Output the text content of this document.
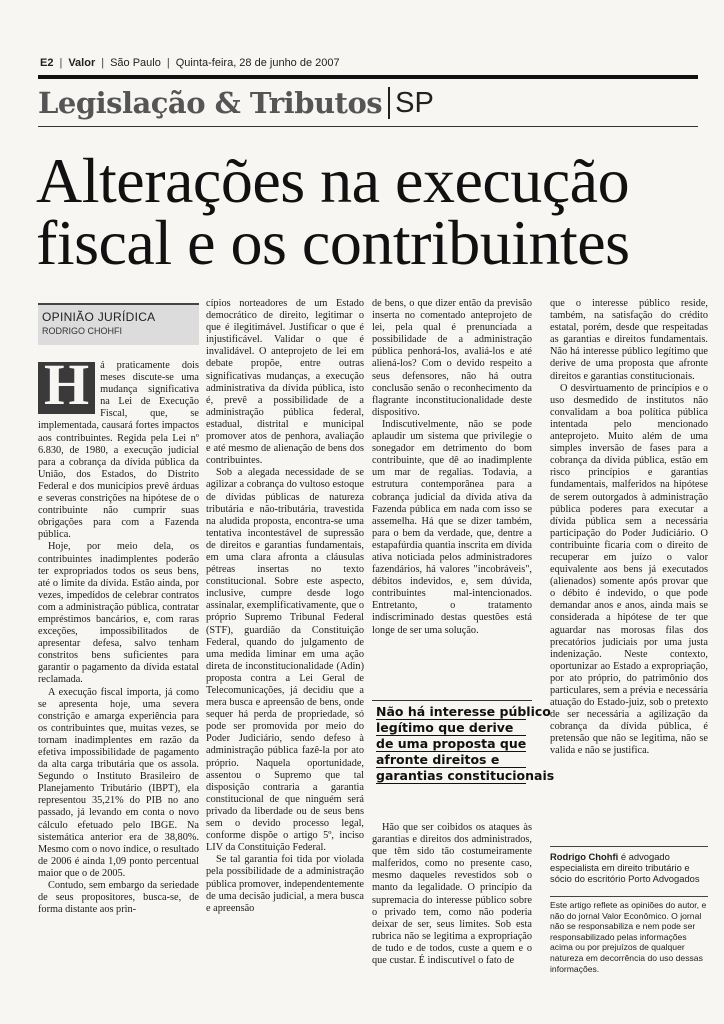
E2 | Valor | São Paulo | Quinta-feira, 28 de junho de 2007
Legislação & Tributos SP
Alterações na execução
fiscal e os contribuintes
OPINIÃO JURÍDICA
RODRIGO CHOHFI
H	á praticamente dois meses discute-se uma mudança significativa na Lei de Execução Fiscal, que, se implementada, causará fortes impactos aos contribuintes. Regida pela Lei nº 6.830, de 1980, a execução judicial para a cobrança da dívida pública da União, dos Estados, do Distrito Federal e dos municípios prevê árduas e severas constrições na hipótese de o contribuinte não cumprir suas obrigações para com a Fazenda pública.

Hoje, por meio dela, os contribuintes inadimplentes poderão ter expropriados todos os seus bens, até o limite da dívida. Estão ainda, por vezes, impedidos de celebrar contratos com a administração pública, contratar empréstimos bancários, e, com raras exceções, impossibilitados de apresentar defesa, salvo tenham constritos bens suficientes para garantir o pagamento da dívida estatal reclamada.

A execução fiscal importa, já como se apresenta hoje, uma severa constrição e amarga experiência para os contribuintes que, muitas vezes, se tornam inadimplentes em razão da efetiva impossibilidade de pagamento da alta carga tributária que os assola. Segundo o Instituto Brasileiro de Planejamento Tributário (IBPT), ela representou 35,21% do PIB no ano passado, já levando em conta o novo cálculo efetuado pelo IBGE. Na sistemática anterior era de 38,80%. Mesmo com o novo índice, o resultado de 2006 é ainda 1,09 ponto percentual maior que o de 2005.

Contudo, sem embargo da seriedade de seus propositores, busca-se, de forma distante aos prin-

cípios norteadores de um Estado democrático de direito, legitimar o que é ilegitimável. Justificar o que é injustificável. Validar o que é invalidável. O anteprojeto de lei em debate propõe, entre outras significativas mudanças, a execução administrativa da dívida pública, isto é, prevê a possibilidade de a administração pública federal, estadual, distrital e municipal promover atos de penhora, avaliação e até mesmo de alienação de bens dos contribuintes.

Sob a alegada necessidade de se agilizar a cobrança do vultoso estoque de dívidas públicas de natureza tributária e não-tributária, travestida na aludida proposta, encontra-se uma tentativa incontestável de supressão de direitos e garantias fundamentais, em uma clara afronta a cláusulas pétreas insertas no texto constitucional. Sobre este aspecto, inclusive, cumpre desde logo assinalar, exemplificativamente, que o próprio Supremo Tribunal Federal (STF), guardião da Constituição Federal, quando do julgamento de uma medida liminar em uma ação direta de inconstitucionalidade (Adin) proposta contra a Lei Geral de Telecomunicações, já decidiu que a mera busca e apreensão de bens, onde sequer há perda de propriedade, só pode ser promovida por meio do Poder Judiciário, sendo defeso à administração pública fazê-la por ato próprio. Naquela oportunidade, assentou o Supremo que tal disposição contraria a garantia constitucional de que ninguém será privado da liberdade ou de seus bens sem o devido processo legal, conforme dispõe o artigo 5º, inciso LIV da Constituição Federal.

Se tal garantia foi tida por violada pela possibilidade de a administração pública promover, independentemente de uma decisão judicial, a mera busca e apreensão

de bens, o que dizer então da previsão inserta no comentado anteprojeto de lei, pela qual é prenunciada a possibilidade de a administração pública penhorá-los, avaliá-los e até aliená-los? Com o devido respeito a seus defensores, não há outra conclusão senão o reconhecimento da flagrante inconstitucionalidade deste dispositivo.

Indiscutivelmente, não se pode aplaudir um sistema que privilegie o sonegador em detrimento do bom contribuinte, que dê ao inadimplente um mar de regalias. Todavia, a estrutura contemporânea para a cobrança judicial da dívida ativa da Fazenda pública em nada com isso se assemelha. Há que se dizer também, para o bem da verdade, que, dentre a estapafúrdia quantia inscrita em dívida ativa noticiada pelos administradores fazendários, há valores "incobráveis", débitos indevidos, e, sem dúvida, contribuintes mal-intencionados. Entretanto, o tratamento indiscriminado destas questões está longe de ser uma solução.

Não há interesse público
legítimo que derive
de uma proposta que
afronte direitos e
garantias constitucionais

Hão que ser coibidos os ataques às garantias e direitos dos administrados, que têm sido tão costumeiramente malferidos, como no presente caso, mesmo daqueles revestidos sob o manto da legalidade. O princípio da supremacia do interesse público sobre o privado tem, como não poderia deixar de ser, seus limites. Sob esta rubrica não se legitima a expropriação de tudo e de todos, custe a quem e o que custar. É indiscutível o fato de

que o interesse público reside, também, na satisfação do crédito estatal, porém, desde que respeitadas as garantias e direitos fundamentais. Não há interesse público legítimo que derive de uma proposta que afronte direitos e garantias constitucionais.

O desvirtuamento de princípios e o uso desmedido de institutos não convalidam a boa política pública intentada pelo mencionado anteprojeto. Muito além de uma simples inversão de fases para a cobrança da dívida pública, estão em risco princípios e garantias fundamentais, malferidos na hipótese de serem outorgados à administração pública poderes para executar a dívida pública sem a necessária participação do Poder Judiciário. O contribuinte ficaria com o direito de recuperar em juízo o valor equivalente aos bens já executados (alienados) somente após provar que o débito é indevido, o que pode demandar anos e anos, ainda mais se considerada a hipótese de ter que aguardar nas morosas filas dos precatórios judiciais por uma justa indenização. Neste contexto, oportunizar ao Estado a expropriação, por ato próprio, do patrimônio dos particulares, sem a prévia e necessária atuação do Estado-juiz, sob o pretexto de ser necessária a agilização da cobrança da dívida pública, é pretensão que não se legitima, não se valida e não se justifica.

Rodrigo Chohfi é advogado especialista em direito tributário e sócio do escritório Porto Advogados
Este artigo reflete as opiniões do autor, e não do jornal Valor Econômico. O jornal não se responsabiliza e nem pode ser responsabilizado pelas informações acima ou por prejuízos de qualquer natureza em decorrência do uso dessas informações.
